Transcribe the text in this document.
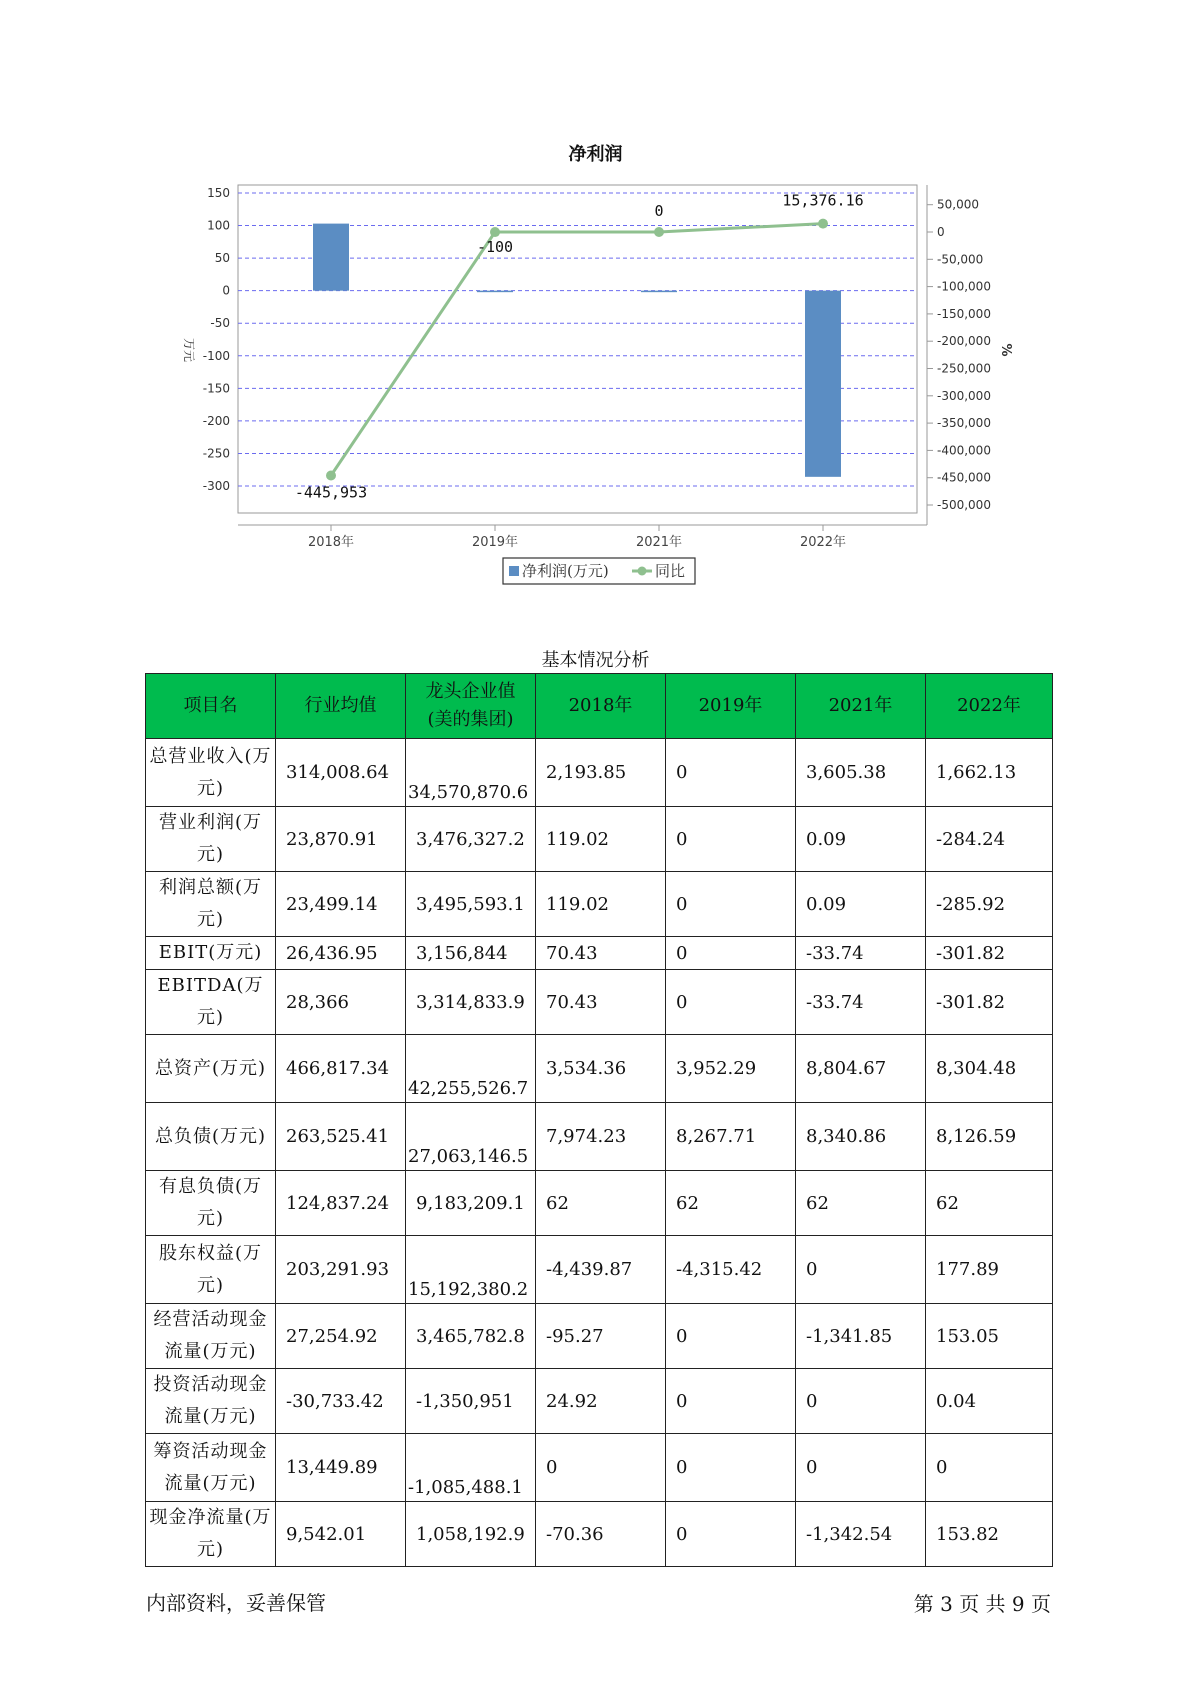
净利润
150
100
50
0
-50
-100
-150
-200
-250
-300
50,000
0
-50,000
-100,000
-150,000
-200,000
-250,000
-300,000
-350,000
-400,000
-450,000
-500,000
万元	%
2018年	2019年	2021年	2022年
-445,953
-100
0
15,376.16
净利润(万元)	同比
基本情况分析
项目名	行业均值	龙头企业值(美的集团)	2018年	2019年	2021年	2022年
总营业收入(万元)	314,008.64	34,570,870.6	2,193.85	0	3,605.38	1,662.13
营业利润(万元)	23,870.91	3,476,327.2	119.02	0	0.09	-284.24
利润总额(万元)	23,499.14	3,495,593.1	119.02	0	0.09	-285.92
EBIT(万元)	26,436.95	3,156,844	70.43	0	-33.74	-301.82
EBITDA(万元)	28,366	3,314,833.9	70.43	0	-33.74	-301.82
总资产(万元)	466,817.34	42,255,526.7	3,534.36	3,952.29	8,804.67	8,304.48
总负债(万元)	263,525.41	27,063,146.5	7,974.23	8,267.71	8,340.86	8,126.59
有息负债(万元)	124,837.24	9,183,209.1	62	62	62	62
股东权益(万元)	203,291.93	15,192,380.2	-4,439.87	-4,315.42	0	177.89
经营活动现金流量(万元)	27,254.92	3,465,782.8	-95.27	0	-1,341.85	153.05
投资活动现金流量(万元)	-30,733.42	-1,350,951	24.92	0	0	0.04
筹资活动现金流量(万元)	13,449.89	-1,085,488.1	0	0	0	0
现金净流量(万元)	9,542.01	1,058,192.9	-70.36	0	-1,342.54	153.82
内部资料，妥善保管	第 3 页 共 9 页
